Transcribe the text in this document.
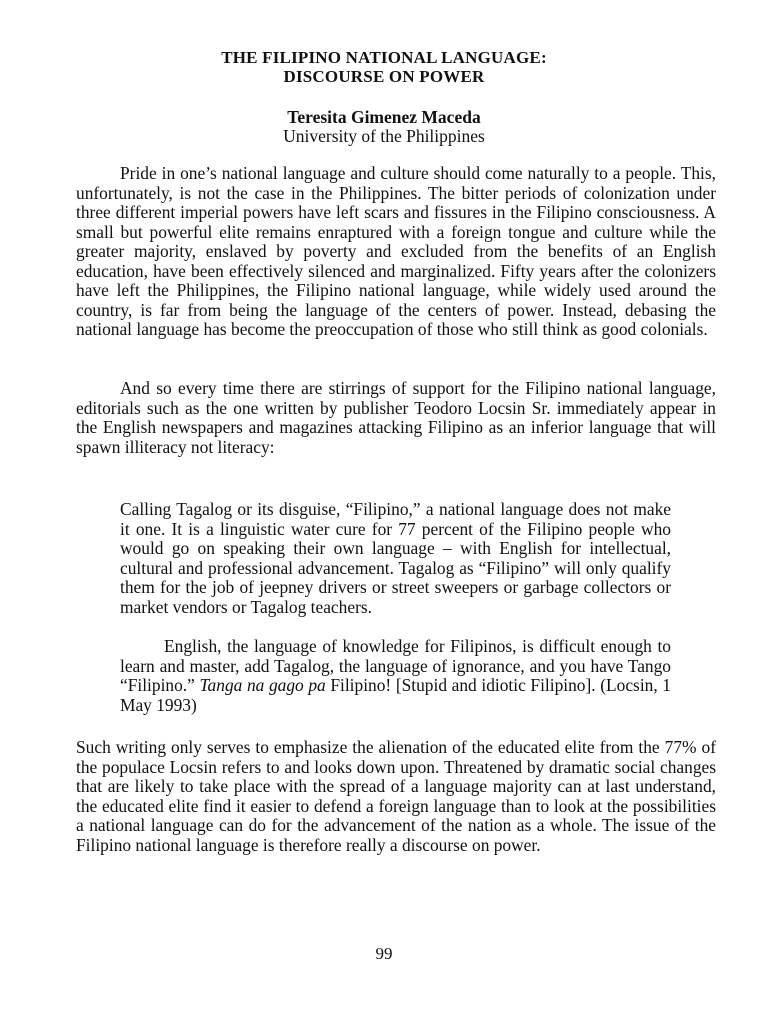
THE FILIPINO NATIONAL LANGUAGE:
DISCOURSE ON POWER
Teresita Gimenez Maceda
University of the Philippines

Pride in one’s national language and culture should come naturally to a people. This, unfortunately, is not the case in the Philippines. The bitter periods of colonization under three different imperial powers have left scars and fissures in the Filipino consciousness. A small but powerful elite remains enraptured with a foreign tongue and culture while the greater majority, enslaved by poverty and excluded from the benefits of an English education, have been effectively silenced and marginalized. Fifty years after the colonizers have left the Philippines, the Filipino national language, while widely used around the country, is far from being the language of the centers of power. Instead, debasing the national language has become the preoccupation of those who still think as good colonials.

And so every time there are stirrings of support for the Filipino national language, editorials such as the one written by publisher Teodoro Locsin Sr. immediately appear in the English newspapers and magazines attacking Filipino as an inferior language that will spawn illiteracy not literacy:

Calling Tagalog or its disguise, “Filipino,” a national language does not make it one. It is a linguistic water cure for 77 percent of the Filipino people who would go on speaking their own language – with English for intellectual, cultural and professional advancement. Tagalog as “Filipino” will only qualify them for the job of jeepney drivers or street sweepers or garbage collectors or market vendors or Tagalog teachers.

English, the language of knowledge for Filipinos, is difficult enough to learn and master, add Tagalog, the language of ignorance, and you have Tango “Filipino.” Tanga na gago pa Filipino! [Stupid and idiotic Filipino]. (Locsin, 1 May 1993)

Such writing only serves to emphasize the alienation of the educated elite from the 77% of the populace Locsin refers to and looks down upon. Threatened by dramatic social changes that are likely to take place with the spread of a language majority can at last understand, the educated elite find it easier to defend a foreign language than to look at the possibilities a national language can do for the advancement of the nation as a whole. The issue of the Filipino national language is therefore really a discourse on power.

99
